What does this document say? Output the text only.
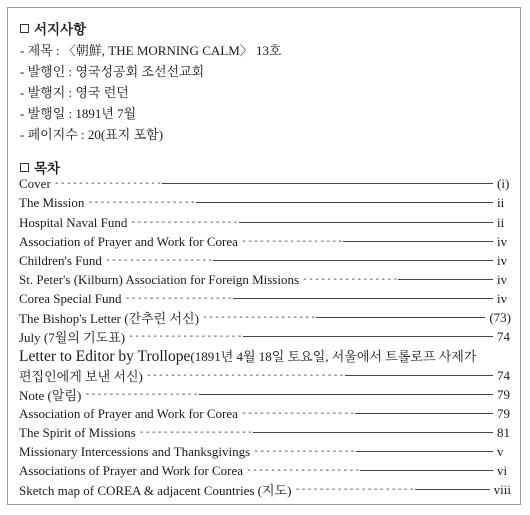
서지사항
- 제목 : 〈朝鮮, THE MORNING CALM〉 13호
- 발행인 : 영국성공회 조선선교회
- 발행지 : 영국 런던
- 발행일 : 1891년 7월
- 페이지수 : 20(표지 포함)
목차
Cover ------------------	(i)
The Mission ------------------	ii
Hospital Naval Fund ------------------	ii
Association of Prayer and Work for Corea -----------------	iv
Children's Fund ------------------	iv
St. Peter's (Kilburn) Association for Foreign Missions ----------------	iv
Corea Special Fund ------------------	iv
The Bishop's Letter (간추린 서신) -------------------	(73)
July (7월의 기도표) -------------------	74
Letter to Editor by Trollope(1891년 4월 18일 토요일, 서울에서 트롤로프 사제가
편집인에게 보낸 서신) ---------------------------------	74
Note (알림) -------------------	79
Association of Prayer and Work for Corea -------------------	79
The Spirit of Missions -------------------	81
Missionary Intercessions and Thanksgivings -----------------	v
Associations of Prayer and Work for Corea -------------------	vi
Sketch map of COREA & adjacent Countries (지도) --------------------	viii
